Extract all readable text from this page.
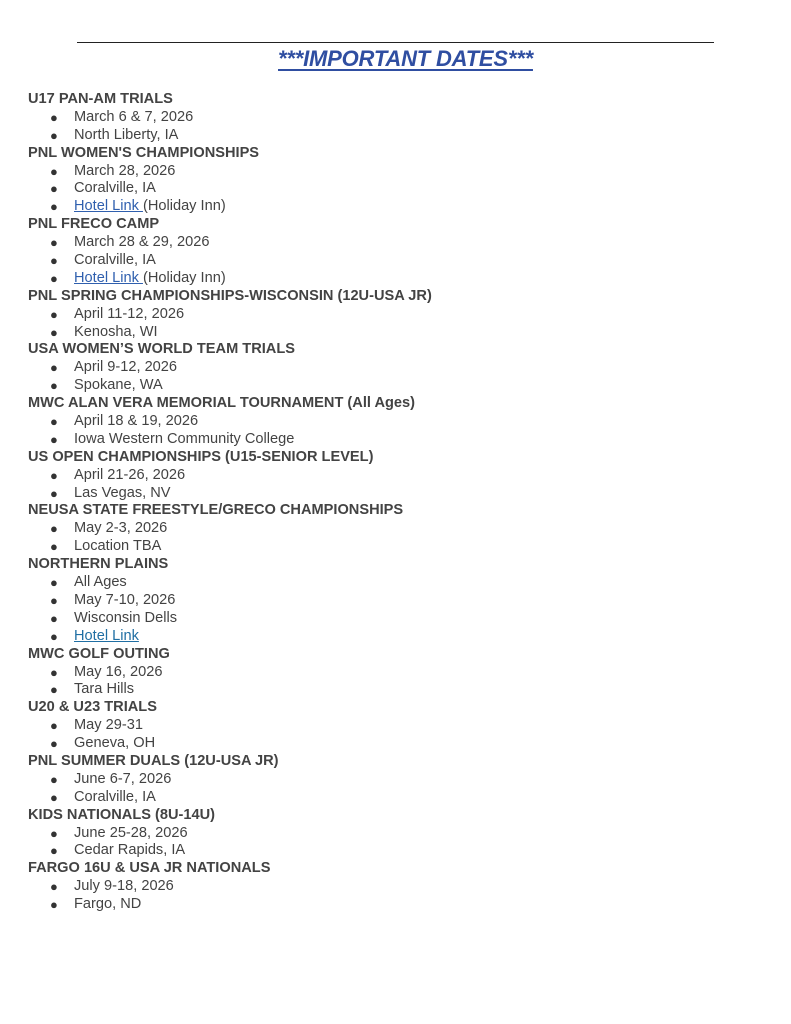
***IMPORTANT DATES***
U17 PAN-AM TRIALS
● March 6 & 7, 2026
● North Liberty, IA
PNL WOMEN'S CHAMPIONSHIPS
● March 28, 2026
● Coralville, IA
● Hotel Link (Holiday Inn)
PNL FRECO CAMP
● March 28 & 29, 2026
● Coralville, IA
● Hotel Link (Holiday Inn)
PNL SPRING CHAMPIONSHIPS-WISCONSIN (12U-USA JR)
● April 11-12, 2026
● Kenosha, WI
USA WOMEN’S WORLD TEAM TRIALS
● April 9-12, 2026
● Spokane, WA
MWC ALAN VERA MEMORIAL TOURNAMENT (All Ages)
● April 18 & 19, 2026
● Iowa Western Community College
US OPEN CHAMPIONSHIPS (U15-SENIOR LEVEL)
● April 21-26, 2026
● Las Vegas, NV
NEUSA STATE FREESTYLE/GRECO CHAMPIONSHIPS
● May 2-3, 2026
● Location TBA
NORTHERN PLAINS
● All Ages
● May 7-10, 2026
● Wisconsin Dells
● Hotel Link
MWC GOLF OUTING
● May 16, 2026
● Tara Hills
U20 & U23 TRIALS
● May 29-31
● Geneva, OH
PNL SUMMER DUALS (12U-USA JR)
● June 6-7, 2026
● Coralville, IA
KIDS NATIONALS (8U-14U)
● June 25-28, 2026
● Cedar Rapids, IA
FARGO 16U & USA JR NATIONALS
● July 9-18, 2026
● Fargo, ND
